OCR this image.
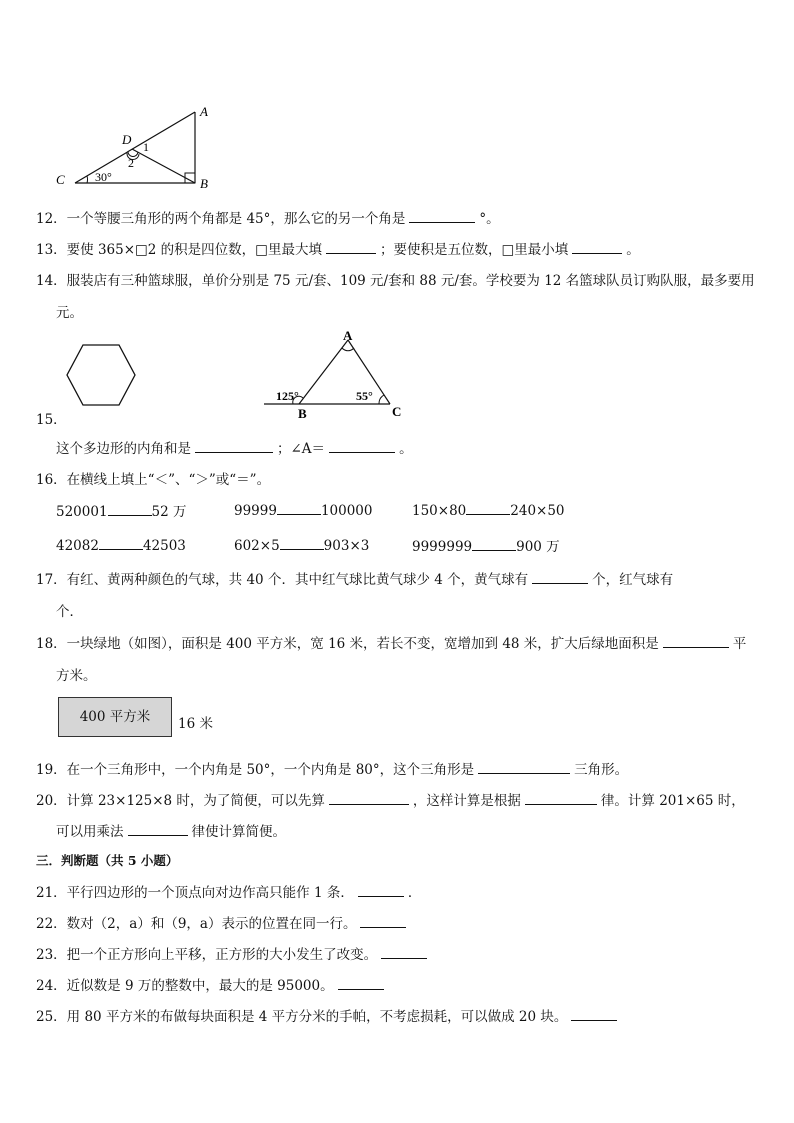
A
B
C
D 1
2
30°
12．一个等腰三角形的两个角都是 45°，那么它的另一个角是	°。
13．要使 365×□2 的积是四位数，□里最大填	；要使积是五位数，□里最小填	。
14．服装店有三种篮球服，单价分别是 75 元/套、109 元/套和 88 元/套。学校要为 12 名篮球队员订购队服，最多要用
元。
A
B	C
125°	55°
15．
这个多边形的内角和是	；∠A＝	。
16．在横线上填上“＜”、“＞”或“＝”。
520001	52 万	99999	100000	150×80	240×50
42082	42503	602×5	903×3	9999999	900 万
17．有红、黄两种颜色的气球，共 40 个．其中红气球比黄气球少 4 个，黄气球有	个，红气球有
个．
18．一块绿地（如图），面积是 400 平方米，宽 16 米，若长不变，宽增加到 48 米，扩大后绿地面积是	平
方米。
400 平方米	16 米
19．在一个三角形中，一个内角是 50°，一个内角是 80°，这个三角形是	三角形。
20．计算 23×125×8 时，为了简便，可以先算	，这样计算是根据	律。计算 201×65 时，
可以用乘法	律使计算简便。
三．判断题（共 5 小题）
21．平行四边形的一个顶点向对边作高只能作 1 条．	．
22．数对（2，a）和（9，a）表示的位置在同一行。
23．把一个正方形向上平移，正方形的大小发生了改变。
24．近似数是 9 万的整数中，最大的是 95000。
25．用 80 平方米的布做每块面积是 4 平方分米的手帕，不考虑损耗，可以做成 20 块。
